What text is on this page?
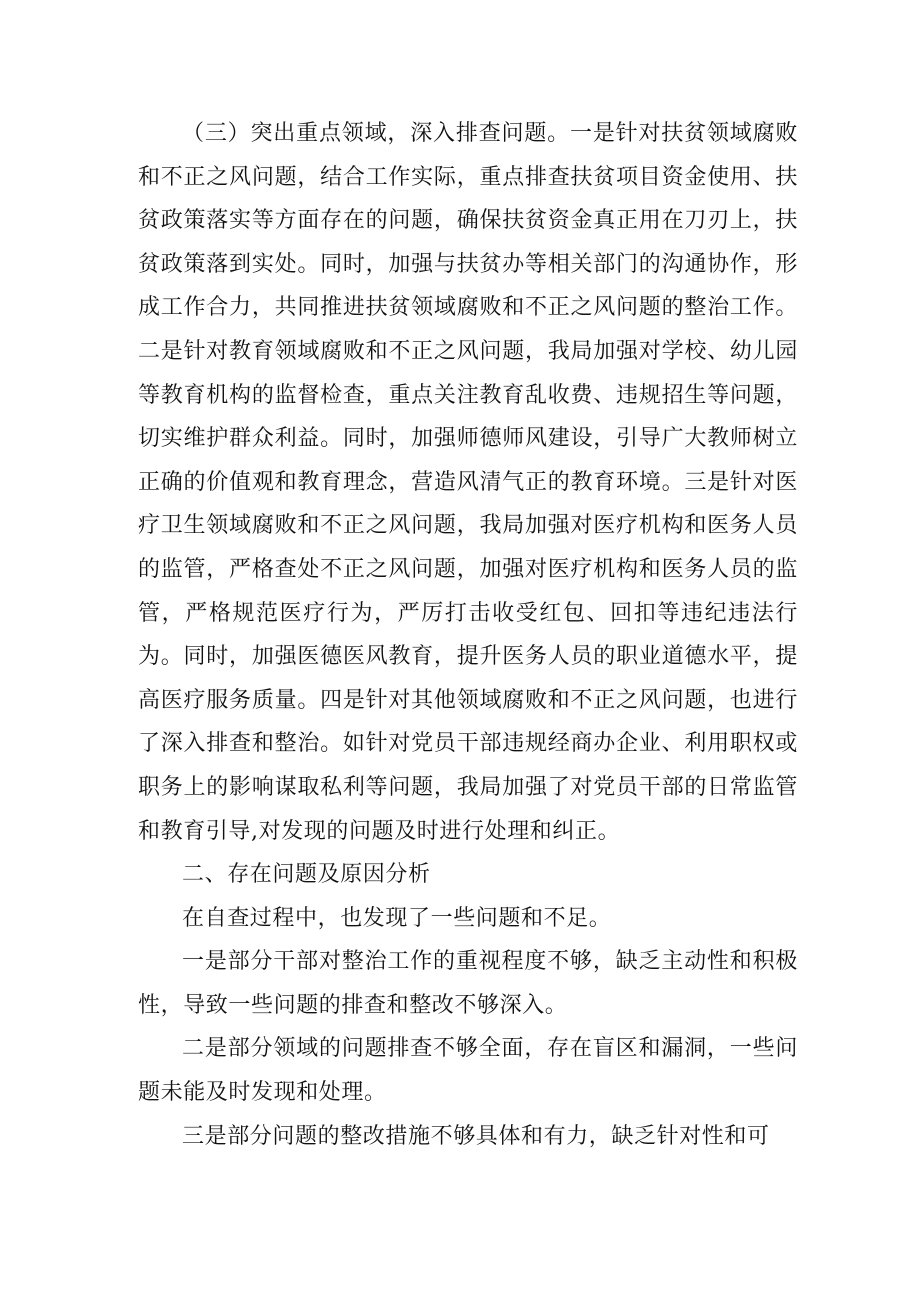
（三）突出重点领域，深入排查问题。一是针对扶贫领域腐败和不正之风问题，结合工作实际，重点排查扶贫项目资金使用、扶贫政策落实等方面存在的问题，确保扶贫资金真正用在刀刃上，扶贫政策落到实处。同时，加强与扶贫办等相关部门的沟通协作，形成工作合力，共同推进扶贫领域腐败和不正之风问题的整治工作。二是针对教育领域腐败和不正之风问题，我局加强对学校、幼儿园等教育机构的监督检查，重点关注教育乱收费、违规招生等问题，切实维护群众利益。同时，加强师德师风建设，引导广大教师树立正确的价值观和教育理念，营造风清气正的教育环境。三是针对医疗卫生领域腐败和不正之风问题，我局加强对医疗机构和医务人员的监管，严格查处不正之风问题，加强对医疗机构和医务人员的监管，严格规范医疗行为，严厉打击收受红包、回扣等违纪违法行为。同时，加强医德医风教育，提升医务人员的职业道德水平，提高医疗服务质量。四是针对其他领域腐败和不正之风问题，也进行了深入排查和整治。如针对党员干部违规经商办企业、利用职权或职务上的影响谋取私利等问题，我局加强了对党员干部的日常监管和教育引导,对发现的问题及时进行处理和纠正。

二、存在问题及原因分析

在自查过程中，也发现了一些问题和不足。

一是部分干部对整治工作的重视程度不够，缺乏主动性和积极性，导致一些问题的排查和整改不够深入。

二是部分领域的问题排查不够全面，存在盲区和漏洞，一些问题未能及时发现和处理。

三是部分问题的整改措施不够具体和有力，缺乏针对性和可
